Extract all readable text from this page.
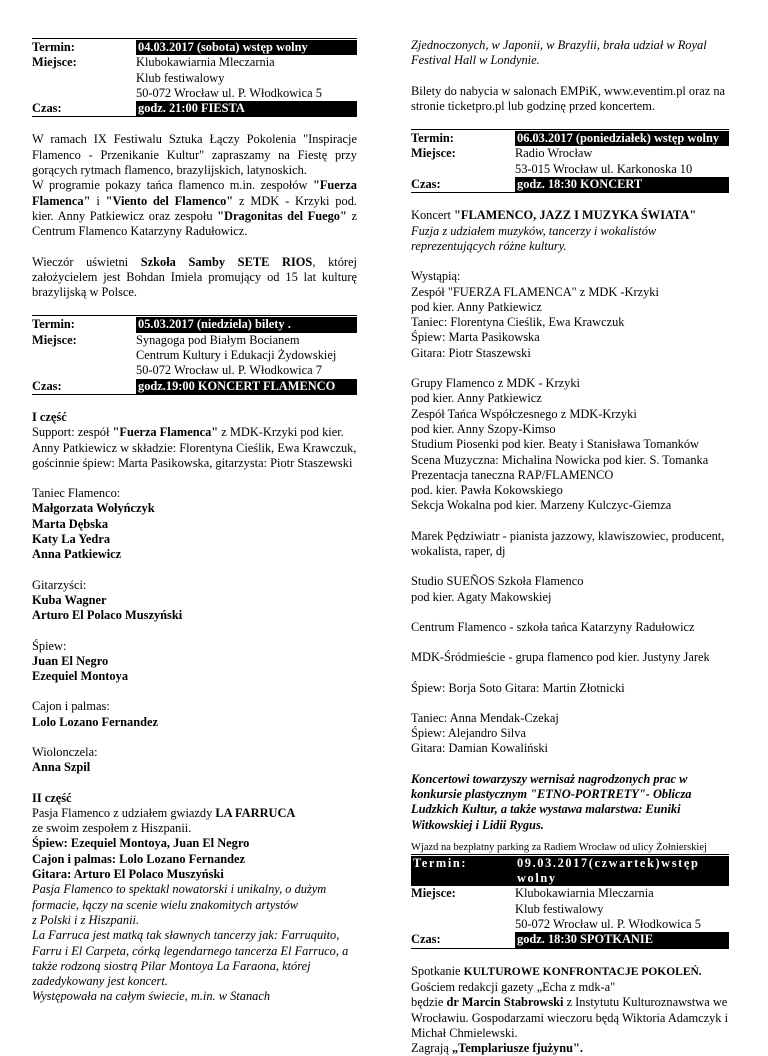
Termin:	04.03.2017 (sobota) wstęp wolny
Miejsce:	Klubokawiarnia Mleczarnia
Klub festiwalowy
50-072 Wrocław ul. P. Włodkowica 5
Czas:	godz. 21:00 FIESTA

W ramach IX Festiwalu Sztuka Łączy Pokolenia "Inspiracje Flamenco - Przenikanie Kultur" zapraszamy na Fiestę przy gorących rytmach flamenco, brazylijskich, latynoskich.
W programie pokazy tańca flamenco m.in. zespołów "Fuerza Flamenca" i "Viento del Flamenco" z MDK - Krzyki pod. kier. Anny Patkiewicz oraz zespołu "Dragonitas del Fuego" z Centrum Flamenco Katarzyny Radułowicz.

Wieczór uświetni Szkoła Samby SETE RIOS, której założycielem jest Bohdan Imiela promujący od 15 lat kulturę brazylijską w Polsce.

Termin:	05.03.2017 (niedziela) bilety .
Miejsce:	Synagoga pod Białym Bocianem
Centrum Kultury i Edukacji Żydowskiej
50-072 Wrocław ul. P. Włodkowica 7
Czas:	godz.19:00 KONCERT FLAMENCO

I część

Support: zespół "Fuerza Flamenca" z MDK-Krzyki pod kier. Anny Patkiewicz w składzie: Florentyna Cieślik, Ewa Krawczuk, gościnnie śpiew: Marta Pasikowska, gitarzysta: Piotr Staszewski

Taniec Flamenco:

Małgorzata Wołyńczyk

Marta Dębska

Katy La Yedra

Anna Patkiewicz

Gitarzyści:

Kuba Wagner

Arturo El Polaco Muszyński

Śpiew:

Juan El Negro

Ezequiel Montoya

Cajon i palmas:

Lolo Lozano Fernandez

Wiolonczela:

Anna Szpil

II część

Pasja Flamenco z udziałem gwiazdy LA FARRUCA

ze swoim zespołem z Hiszpanii.

Śpiew: Ezequiel Montoya, Juan El Negro

Cajon i palmas: Lolo Lozano Fernandez

Gitara: Arturo El Polaco Muszyński

Pasja Flamenco to spektakl nowatorski i unikalny, o dużym formacie, łączy na scenie wielu znakomitych artystów

z Polski i z Hiszpanii.

La Farruca jest matką tak sławnych tancerzy jak: Farruquito, Farru i El Carpeta, córką legendarnego tancerza El Farruco, a także rodzoną siostrą Pilar Montoya La Faraona, której zadedykowany jest koncert.

Występowała na całym świecie, m.in. w Stanach

Zjednoczonych, w Japonii, w Brazylii, brała udział w Royal Festival Hall w Londynie.

Bilety do nabycia w salonach EMPiK, www.eventim.pl oraz na stronie ticketpro.pl lub godzinę przed koncertem.

Termin:	06.03.2017 (poniedziałek) wstęp wolny
Miejsce:	Radio Wrocław
53-015 Wrocław ul. Karkonoska 10
Czas:	godz. 18:30 KONCERT

Koncert "FLAMENCO, JAZZ I MUZYKA ŚWIATA"

Fuzja z udziałem muzyków, tancerzy i wokalistów reprezentujących różne kultury.

Wystąpią:

Zespół "FUERZA FLAMENCA" z MDK -Krzyki

pod kier. Anny Patkiewicz

Taniec: Florentyna Cieślik, Ewa Krawczuk

Śpiew: Marta Pasikowska

Gitara: Piotr Staszewski

Grupy Flamenco z MDK - Krzyki

pod kier. Anny Patkiewicz

Zespół Tańca Współczesnego z MDK-Krzyki

pod kier. Anny Szopy-Kimso

Studium Piosenki pod kier. Beaty i Stanisława Tomanków

Scena Muzyczna: Michalina Nowicka pod kier. S. Tomanka

Prezentacja taneczna RAP/FLAMENCO

pod. kier. Pawła Kokowskiego

Sekcja Wokalna pod kier. Marzeny Kulczyc-Giemza

Marek Pędziwiatr - pianista jazzowy, klawiszowiec, producent, wokalista, raper, dj

Studio SUEÑOS Szkoła Flamenco

pod kier. Agaty Makowskiej

Centrum Flamenco - szkoła tańca Katarzyny Radułowicz

MDK-Śródmieście - grupa flamenco pod kier. Justyny Jarek

Śpiew: Borja Soto Gitara: Martin Złotnicki

Taniec: Anna Mendak-Czekaj

Śpiew: Alejandro Silva

Gitara: Damian Kowaliński

Koncertowi towarzyszy wernisaż nagrodzonych prac w konkursie plastycznym "ETNO-PORTRETY"- Oblicza Ludzkich Kultur, a także wystawa malarstwa: Euniki Witkowskiej i Lidii Rygus.

Wjazd na bezpłatny parking za Radiem Wrocław od ulicy Żołnierskiej

Termin:	09.03.2017(czwartek)wstęp wolny
Miejsce:	Klubokawiarnia Mleczarnia
Klub festiwalowy
50-072 Wrocław ul. P. Włodkowica 5
Czas:	godz. 18:30 SPOTKANIE

Spotkanie KULTUROWE KONFRONTACJE POKOLEŃ.

Gościem redakcji gazety „Echa z mdk-a"

będzie dr Marcin Stabrowski z Instytutu Kulturoznawstwa we Wrocławiu. Gospodarzami wieczoru będą Wiktoria Adamczyk i Michał Chmielewski.

Zagrają „Templariusze fjużynu".
